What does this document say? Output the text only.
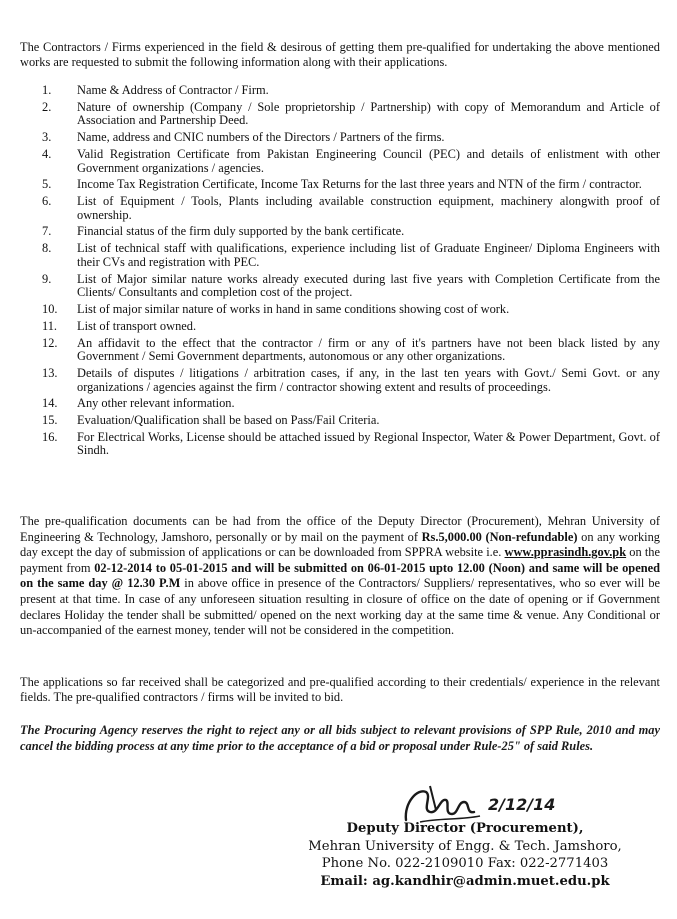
The Contractors / Firms experienced in the field & desirous of getting them pre-qualified for undertaking the above mentioned works are requested to submit the following information along with their applications.

1. Name & Address of Contractor / Firm.
2. Nature of ownership (Company / Sole proprietorship / Partnership) with copy of Memorandum and Article of Association and Partnership Deed.
3. Name, address and CNIC numbers of the Directors / Partners of the firms.
4. Valid Registration Certificate from Pakistan Engineering Council (PEC) and details of enlistment with other Government organizations / agencies.
5. Income Tax Registration Certificate, Income Tax Returns for the last three years and NTN of the firm / contractor.
6. List of Equipment / Tools, Plants including available construction equipment, machinery alongwith proof of ownership.
7. Financial status of the firm duly supported by the bank certificate.
8. List of technical staff with qualifications, experience including list of Graduate Engineer/ Diploma Engineers with their CVs and registration with PEC.
9. List of Major similar nature works already executed during last five years with Completion Certificate from the Clients/ Consultants and completion cost of the project.
10. List of major similar nature of works in hand in same conditions showing cost of work.
11. List of transport owned.
12. An affidavit to the effect that the contractor / firm or any of it's partners have not been black listed by any Government / Semi Government departments, autonomous or any other organizations.
13. Details of disputes / litigations / arbitration cases, if any, in the last ten years with Govt./ Semi Govt. or any organizations / agencies against the firm / contractor showing extent and results of proceedings.
14. Any other relevant information.
15. Evaluation/Qualification shall be based on Pass/Fail Criteria.
16. For Electrical Works, License should be attached issued by Regional Inspector, Water & Power Department, Govt. of Sindh.

The pre-qualification documents can be had from the office of the Deputy Director (Procurement), Mehran University of Engineering & Technology, Jamshoro, personally or by mail on the payment of Rs.5,000.00 (Non-refundable) on any working day except the day of submission of applications or can be downloaded from SPPRA website i.e. www.pprasindh.gov.pk on the payment from 02-12-2014 to 05-01-2015 and will be submitted on 06-01-2015 upto 12.00 (Noon) and same will be opened on the same day @ 12.30 P.M in above office in presence of the Contractors/ Suppliers/ representatives, who so ever will be present at that time. In case of any unforeseen situation resulting in closure of office on the date of opening or if Government declares Holiday the tender shall be submitted/ opened on the next working day at the same time & venue. Any Conditional or un-accompanied of the earnest money, tender will not be considered in the competition.

The applications so far received shall be categorized and pre-qualified according to their credentials/ experience in the relevant fields. The pre-qualified contractors / firms will be invited to bid.

The Procuring Agency reserves the right to reject any or all bids subject to relevant provisions of SPP Rule, 2010 and may cancel the bidding process at any time prior to the acceptance of a bid or proposal under Rule-25" of said Rules.

2/12/14
Deputy Director (Procurement),
Mehran University of Engg. & Tech. Jamshoro,
Phone No. 022-2109010 Fax: 022-2771403
Email: ag.kandhir@admin.muet.edu.pk
